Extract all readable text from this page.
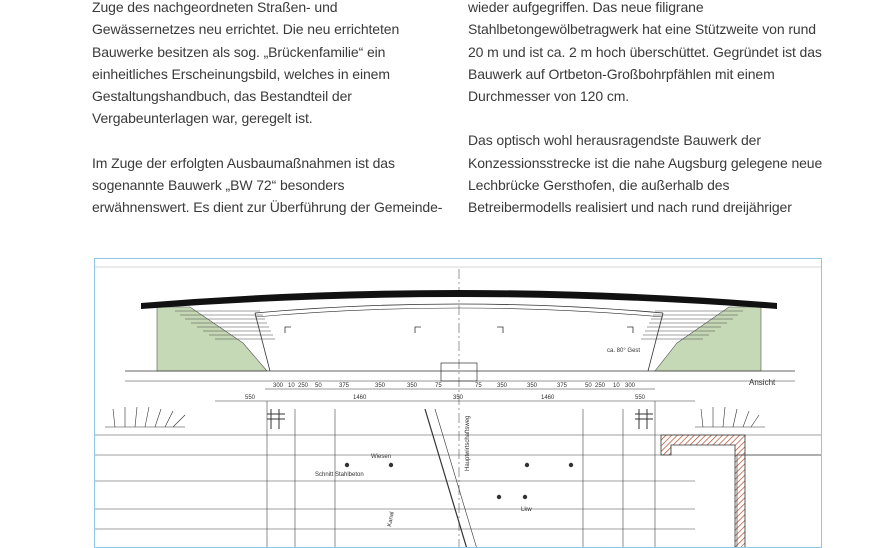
Zuge des nachgeordneten Straßen- und Gewässernetzes neu errichtet. Die neu errichteten Bauwerke besitzen als sog. „Brückenfamilie“ ein einheitliches Erscheinungsbild, welches in einem Gestaltungshandbuch, das Bestandteil der Vergabeunterlagen war, geregelt ist.

Im Zuge der erfolgten Ausbaumaßnahmen ist das sogenannte Bauwerk „BW 72“ besonders erwähnenswert. Es dient zur Überführung der Gemeinde-

wieder aufgegriffen. Das neue filigrane Stahlbetongewölbetragwerk hat eine Stützweite von rund 20 m und ist ca. 2 m hoch überschüttet. Gegründet ist das Bauwerk auf Ortbeton-Großbohrpfählen mit einem Durchmesser von 120 cm.

Das optisch wohl herausragendste Bauwerk der Konzessionsstrecke ist die nahe Augsburg gelegene neue Lechbrücke Gersthofen, die außerhalb des Betreibermodells realisiert und nach rund dreijähriger

ca. 80° Gest
Ansicht
300 10 250 50	375	350	350	75	75	350	350	375	50 250 10 300
550	1460	350	1460	550
Wiesen
Schnitt Stahlbeton
Kanal
Lkw
Hauptwirtschaftsweg
